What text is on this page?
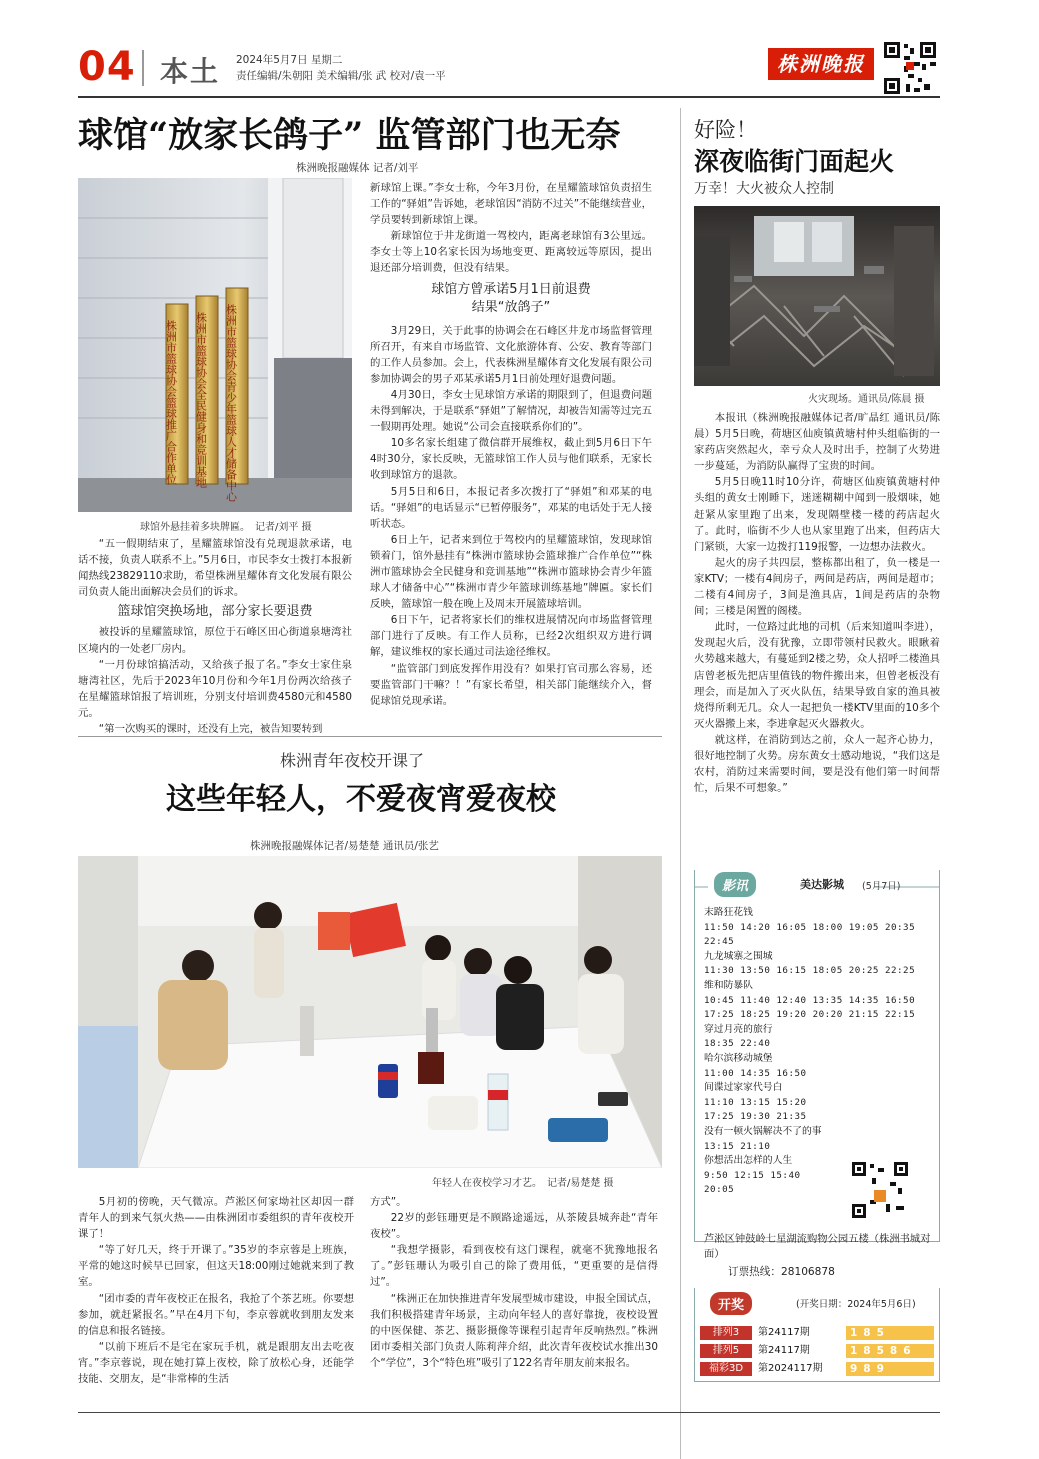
04 本土 2024年5月7日 星期二
责任编辑/朱朝阳 美术编辑/张 武 校对/袁一平	株洲晚报
球馆“放家长鸽子” 监管部门也无奈
株洲晚报融媒体 记者/刘平
株洲市篮球协会篮球推广合作单位 株洲市篮球协会全民健身和竞训基地 株洲市篮球协会青少年篮球人才储备中心
球馆外悬挂着多块牌匾。　记者/刘平 摄

“五一假期结束了，星耀篮球馆没有兑现退款承诺，电话不接，负责人联系不上。”5月6日，市民李女士拨打本报新闻热线23829110求助，希望株洲星耀体育文化发展有限公司负责人能出面解决会员们的诉求。

篮球馆突换场地，部分家长要退费

被投诉的星耀篮球馆，原位于石峰区田心街道泉塘湾社区境内的一处老厂房内。

“一月份球馆搞活动，又给孩子报了名。”李女士家住泉塘湾社区，先后于2023年10月份和今年1月份两次给孩子在星耀篮球馆报了培训班，分别支付培训费4580元和4580元。

“第一次购买的课时，还没有上完，被告知要转到

新球馆上课。”李女士称，今年3月份，在星耀篮球馆负责招生工作的“驿姐”告诉她，老球馆因“消防不过关”不能继续营业，学员要转到新球馆上课。

新球馆位于井龙街道一驾校内，距离老球馆有3公里远。李女士等上10名家长因为场地变更、距离较远等原因，提出退还部分培训费，但没有结果。

球馆方曾承诺5月1日前退费
结果“放鸽子”

3月29日，关于此事的协调会在石峰区井龙市场监督管理所召开，有来自市场监管、文化旅游体育、公安、教育等部门的工作人员参加。会上，代表株洲星耀体育文化发展有限公司参加协调会的男子邓某承诺5月1日前处理好退费问题。

4月30日，李女士见球馆方承诺的期限到了，但退费问题未得到解决，于是联系“驿姐”了解情况，却被告知需等过完五一假期再处理。她说“公司会直接联系你们的”。

10多名家长组建了微信群开展维权，截止到5月6日下午4时30分，家长反映，无篮球馆工作人员与他们联系，无家长收到球馆方的退款。

5月5日和6日，本报记者多次拨打了“驿姐”和邓某的电话。“驿姐”的电话显示“已暂停服务”，邓某的电话处于无人接听状态。

6日上午，记者来到位于驾校内的星耀篮球馆，发现球馆锁着门，馆外悬挂有“株洲市篮球协会篮球推广合作单位”“株洲市篮球协会全民健身和竞训基地”“株洲市篮球协会青少年篮球人才储备中心”“株洲市青少年篮球训练基地”牌匾。家长们反映，篮球馆一般在晚上及周末开展篮球培训。

6日下午，记者将家长们的维权进展情况向市场监督管理部门进行了反映。有工作人员称，已经2次组织双方进行调解，建议维权的家长通过司法途径维权。

“监管部门到底发挥作用没有？如果打官司那么容易，还要监管部门干嘛？！”有家长希望，相关部门能继续介入，督促球馆兑现承诺。

好险！
深夜临街门面起火
万幸！大火被众人控制
火灾现场。通讯员/陈晨 摄

本报讯（株洲晚报融媒体记者/旷晶红 通讯员/陈晨）5月5日晚，荷塘区仙庾镇黄塘村仲头组临街的一家药店突然起火，幸亏众人及时出手，控制了火势进一步蔓延，为消防队赢得了宝贵的时间。

5月5日晚11时10分许，荷塘区仙庾镇黄塘村仲头组的黄女士刚睡下，迷迷糊糊中闻到一股烟味，她赶紧从家里跑了出来，发现隔壁楼一楼的药店起火了。此时，临街不少人也从家里跑了出来，但药店大门紧锁，大家一边拨打119报警，一边想办法救火。

起火的房子共四层，整栋都出租了，负一楼是一家KTV；一楼有4间房子，两间是药店，两间是超市；二楼有4间房子，3间是渔具店，1间是药店的杂物间；三楼是闲置的阁楼。

此时，一位路过此地的司机（后来知道叫李进），发现起火后，没有犹豫，立即带领村民救火。眼瞅着火势越来越大，有蔓延到2楼之势，众人招呼二楼渔具店曾老板先把店里值钱的物件搬出来，但曾老板没有理会，而是加入了灭火队伍，结果导致自家的渔具被烧得所剩无几。众人一起把负一楼KTV里面的10多个灭火器搬上来，李进拿起灭火器救火。

就这样，在消防到达之前，众人一起齐心协力，很好地控制了火势。房东黄女士感动地说，“我们这是农村，消防过来需要时间，要是没有他们第一时间帮忙，后果不可想象。”

株洲青年夜校开课了
这些年轻人，不爱夜宵爱夜校
株洲晚报融媒体记者/易楚楚 通讯员/张艺
年轻人在夜校学习才艺。　记者/易楚楚 摄

5月初的傍晚，天气微凉。芦淞区何家坳社区却因一群青年人的到来气氛火热——由株洲团市委组织的青年夜校开课了！

“等了好几天，终于开课了。”35岁的李京蓉是上班族，平常的她这时候早已回家，但这天18:00刚过她就来到了教室。

“团市委的青年夜校正在报名，我抢了个茶艺班。你要想参加，就赶紧报名。”早在4月下旬，李京蓉就收到朋友发来的信息和报名链接。

“以前下班后不是宅在家玩手机，就是跟朋友出去吃夜宵。”李京蓉说，现在她打算上夜校，除了放松心身，还能学技能、交朋友，是“非常棒的生活

方式”。

22岁的彭钰珊更是不顾路途遥远，从茶陵县城奔赴“青年夜校”。

“我想学摄影，看到夜校有这门课程，就毫不犹豫地报名了。”彭钰珊认为吸引自己的除了费用低，“更重要的是信得过”。

“株洲正在加快推进青年发展型城市建设，申报全国试点，我们积极搭建青年场景，主动向年轻人的喜好靠拢，夜校设置的中医保健、茶艺、摄影摄像等课程引起青年反响热烈。”株洲团市委相关部门负责人陈莉萍介绍，此次青年夜校试水推出30个“学位”，3个“特色班”吸引了122名青年朋友前来报名。

影讯	美达影城 (5月7日)
末路狂花钱
11:50 14:20 16:05 18:00 19:05 20:35
22:45
九龙城寨之围城
11:30 13:50 16:15 18:05 20:25 22:25
维和防暴队
10:45 11:40 12:40 13:35 14:35 16:50
17:25 18:25 19:20 20:20 21:15 22:15
穿过月亮的旅行
18:35 22:40
哈尔滨移动城堡
11:00 14:35 16:50
间谍过家家代号白
11:10 13:15 15:20
17:25 19:30 21:35
没有一顿火锅解决不了的事
13:15 21:10
你想活出怎样的人生
9:50 12:15 15:40
20:05
芦淞区钟鼓岭七星湖流购物公园五楼（株洲书城对面）
订票热线：28106878
开奖	(开奖日期：2024年5月6日)
排列3	第24117期	185
排列5	第24117期	18586
福彩3D	第2024117期	989
